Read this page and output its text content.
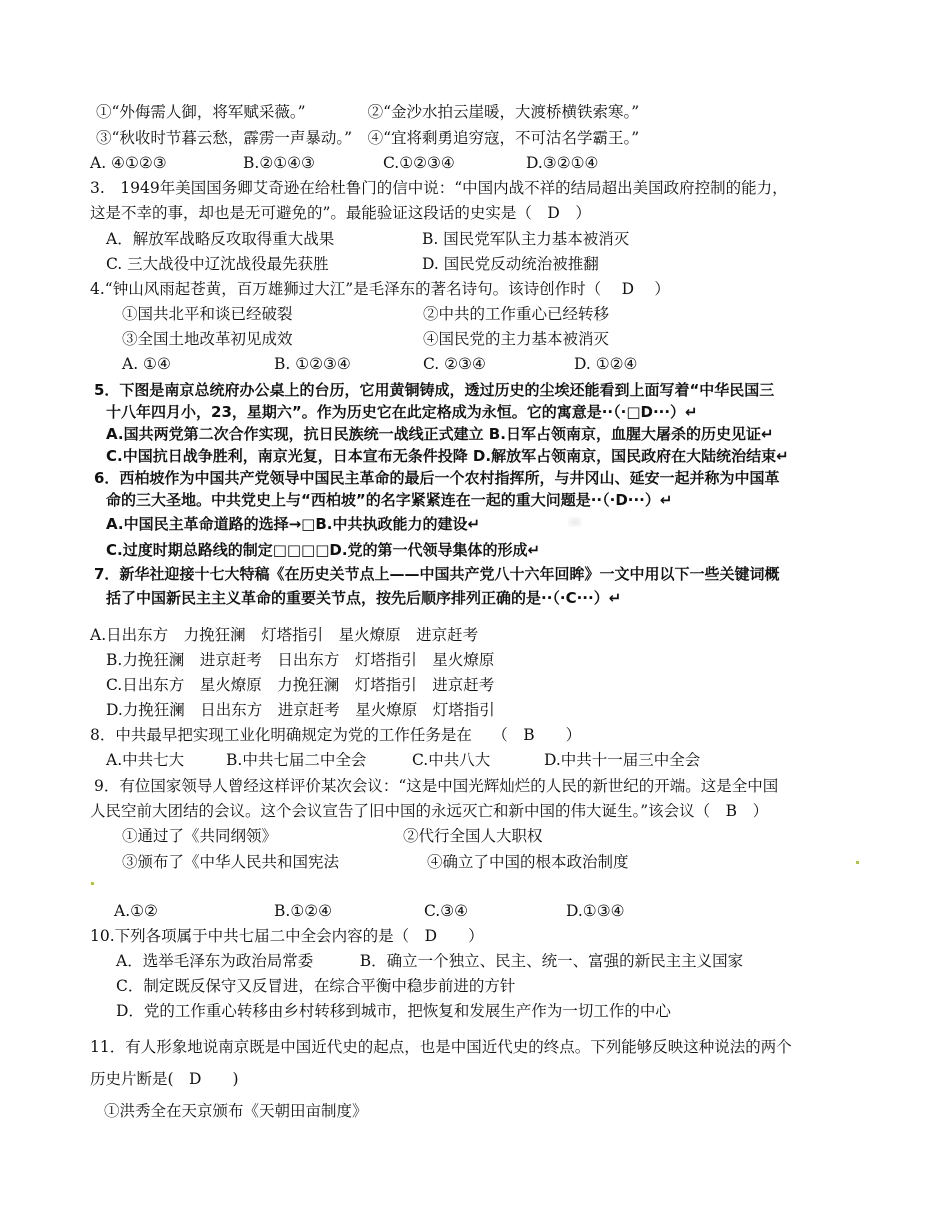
①“外侮需人御，将军赋采薇。”　　　　②“金沙水拍云崖暖，大渡桥横铁索寒。”
③“秋收时节暮云愁，霹雳一声暴动。”　④“宜将剩勇追穷寇，不可沽名学霸王。”
A. ④①②③	B.②①④③	C.①②③④	D.③②①④
3.　1949年美国国务卿艾奇逊在给杜鲁门的信中说：“中国内战不祥的结局超出美国政府控制的能力，
这是不幸的事，却也是无可避免的”。最能验证这段话的史实是（　D　）
A．解放军战略反攻取得重大战果	B. 国民党军队主力基本被消灭
C. 三大战役中辽沈战役最先获胜	D. 国民党反动统治被推翻
4.“钟山风雨起苍黄，百万雄狮过大江”是毛泽东的著名诗句。该诗创作时（　 D　 ）
①国共北平和谈已经破裂	②中共的工作重心已经转移
③全国土地改革初见成效	④国民党的主力基本被消灭
A. ①④	B. ①②③④	C. ②③④	D. ①②④
5．下图是南京总统府办公桌上的台历，它用黄铜铸成，透过历史的尘埃还能看到上面写着“中华民国三
十八年四月小，23，星期六”。作为历史它在此定格成为永恒。它的寓意是··（·□D···）↵
A.国共两党第二次合作实现，抗日民族统一战线正式建立 B.日军占领南京，血腥大屠杀的历史见证↵
C.中国抗日战争胜利，南京光复，日本宣布无条件投降 D.解放军占领南京，国民政府在大陆统治结束↵
6．西柏坡作为中国共产党领导中国民主革命的最后一个农村指挥所，与井冈山、延安一起并称为中国革
命的三大圣地。中共党史上与“西柏坡”的名字紧紧连在一起的重大问题是··（·D···）↵
A.中国民主革命道路的选择→□B.中共执政能力的建设↵
C.过度时期总路线的制定□□□□D.党的第一代领导集体的形成↵
7．新华社迎接十七大特稿《在历史关节点上——中国共产党八十六年回眸》一文中用以下一些关键词概
括了中国新民主主义革命的重要关节点，按先后顺序排列正确的是··（·C···）↵
A.日出东方　力挽狂澜　灯塔指引　星火燎原　进京赶考
B.力挽狂澜　进京赶考　日出东方　灯塔指引　星火燎原
C.日出东方　星火燎原　力挽狂澜　灯塔指引　进京赶考
D.力挽狂澜　日出东方　进京赶考　星火燎原　灯塔指引
8．中共最早把实现工业化明确规定为党的工作任务是在　 （　B　　）
A.中共七大	B.中共七届二中全会	C.中共八大	D.中共十一届三中全会
9．有位国家领导人曾经这样评价某次会议：“这是中国光辉灿烂的人民的新世纪的开端。这是全中国
人民空前大团结的会议。这个会议宣告了旧中国的永远灭亡和新中国的伟大诞生。”该会议（　B　）
①通过了《共同纲领》	②代行全国人大职权
③颁布了《中华人民共和国宪法	④确立了中国的根本政治制度
A.①②	B.①②④	C.③④	D.①③④
10.下列各项属于中共七届二中全会内容的是（　D　　）
A．选举毛泽东为政治局常委　　　B．确立一个独立、民主、统一、富强的新民主主义国家
C．制定既反保守又反冒进，在综合平衡中稳步前进的方针
D．党的工作重心转移由乡村转移到城市，把恢复和发展生产作为一切工作的中心
11．有人形象地说南京既是中国近代史的起点，也是中国近代史的终点。下列能够反映这种说法的两个
历史片断是(　D　　)
①洪秀全在天京颁布《天朝田亩制度》
